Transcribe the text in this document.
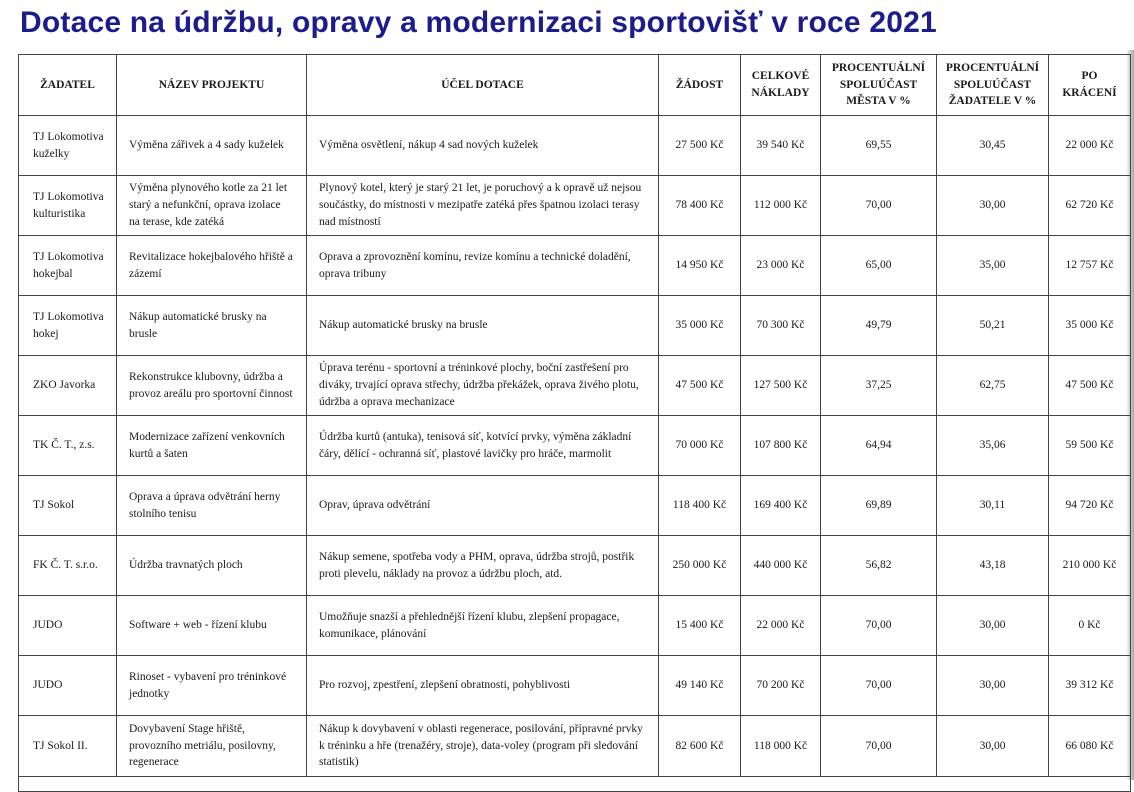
Dotace na údržbu, opravy a modernizaci sportovišť v roce 2021
ŽADATEL	NÁZEV PROJEKTU	ÚČEL DOTACE	ŽÁDOST	CELKOVÉ NÁKLADY	PROCENTUÁLNÍ SPOLUÚČAST MĚSTA V %	PROCENTUÁLNÍ SPOLUÚČAST ŽADATELE V %	PO KRÁCENÍ
TJ Lokomotiva kuželky	Výměna zářivek a 4 sady kuželek	Výměna osvětlení, nákup 4 sad nových kuželek	27 500 Kč	39 540 Kč	69,55	30,45	22 000 Kč
TJ Lokomotiva kulturistika	Výměna plynového kotle za 21 let starý a nefunkční, oprava izolace na terase, kde zatéká	Plynový kotel, který je starý 21 let, je poruchový a k opravě už nejsou součástky, do místnosti v mezipatře zatéká přes špatnou izolaci terasy nad místností	78 400 Kč	112 000 Kč	70,00	30,00	62 720 Kč
TJ Lokomotiva hokejbal	Revitalizace hokejbalového hřiště a zázemí	Oprava a zprovoznění komínu, revize komínu a technické doladění, oprava tribuny	14 950 Kč	23 000 Kč	65,00	35,00	12 757 Kč
TJ Lokomotiva hokej	Nákup automatické brusky na brusle	Nákup automatické brusky na brusle	35 000 Kč	70 300 Kč	49,79	50,21	35 000 Kč
ZKO Javorka	Rekonstrukce klubovny, údržba a provoz areálu pro sportovní činnost	Úprava terénu - sportovní a tréninkové plochy, boční zastřešení pro diváky, trvající oprava střechy, údržba překážek, oprava živého plotu, údržba a oprava mechanizace	47 500 Kč	127 500 Kč	37,25	62,75	47 500 Kč
TK Č. T., z.s.	Modernizace zařízení venkovních kurtů a šaten	Údržba kurtů (antuka), tenisová síť, kotvící prvky, výměna základní čáry, dělící - ochranná síť, plastové lavičky pro hráče, marmolit	70 000 Kč	107 800 Kč	64,94	35,06	59 500 Kč
TJ Sokol	Oprava a úprava odvětrání herny stolního tenisu	Oprav, úprava odvětrání	118 400 Kč	169 400 Kč	69,89	30,11	94 720 Kč
FK Č. T. s.r.o.	Údržba travnatých ploch	Nákup semene, spotřeba vody a PHM, oprava, údržba strojů, postřik proti plevelu, náklady na provoz a údržbu ploch, atd.	250 000 Kč	440 000 Kč	56,82	43,18	210 000 Kč
JUDO	Software + web - řízení klubu	Umožňuje snazší a přehlednější řízení klubu, zlepšení propagace, komunikace, plánování	15 400 Kč	22 000 Kč	70,00	30,00	0 Kč
JUDO	Rinoset - vybavení pro tréninkové jednotky	Pro rozvoj, zpestření, zlepšení obratnosti, pohyblivosti	49 140 Kč	70 200 Kč	70,00	30,00	39 312 Kč
TJ Sokol II.	Dovybavení Stage hřiště, provozního metriálu, posilovny, regenerace	Nákup k dovybavení v oblasti regenerace, posilování, přípravné prvky k tréninku a hře (trenažéry, stroje), data-voley (program při sledování statistik)	82 600 Kč	118 000 Kč	70,00	30,00	66 080 Kč
